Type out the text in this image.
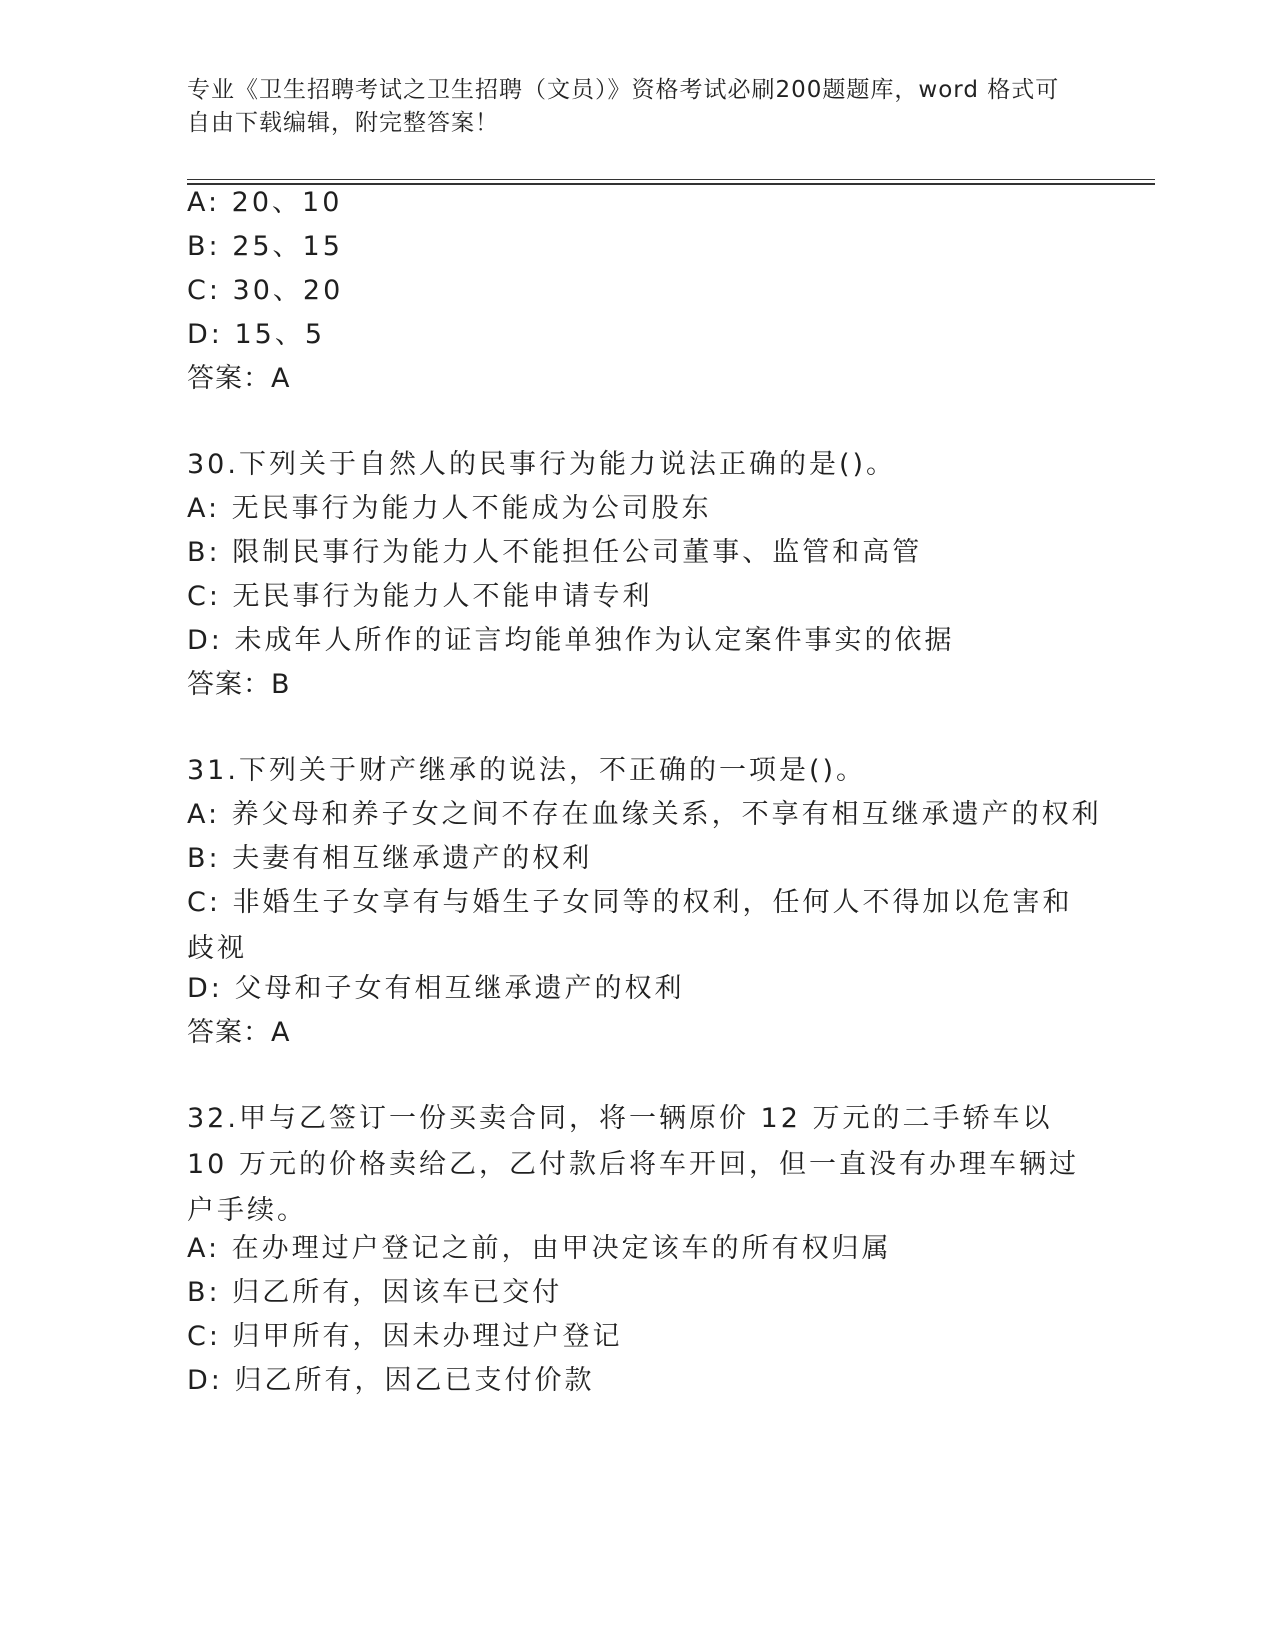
专业《卫生招聘考试之卫生招聘（文员）》资格考试必刷200题题库，word 格式可自由下载编辑，附完整答案！
A: 20、10
B: 25、15
C: 30、20
D: 15、5
答案：A
30.下列关于自然人的民事行为能力说法正确的是()。
A: 无民事行为能力人不能成为公司股东
B: 限制民事行为能力人不能担任公司董事、监管和高管
C: 无民事行为能力人不能申请专利
D: 未成年人所作的证言均能单独作为认定案件事实的依据
答案：B
31.下列关于财产继承的说法，不正确的一项是()。
A: 养父母和养子女之间不存在血缘关系，不享有相互继承遗产的权利
B: 夫妻有相互继承遗产的权利
C: 非婚生子女享有与婚生子女同等的权利，任何人不得加以危害和歧视
D: 父母和子女有相互继承遗产的权利
答案：A
32.甲与乙签订一份买卖合同，将一辆原价 12 万元的二手轿车以 10 万元的价格卖给乙，乙付款后将车开回，但一直没有办理车辆过户手续。
A: 在办理过户登记之前，由甲决定该车的所有权归属
B: 归乙所有，因该车已交付
C: 归甲所有，因未办理过户登记
D: 归乙所有，因乙已支付价款
